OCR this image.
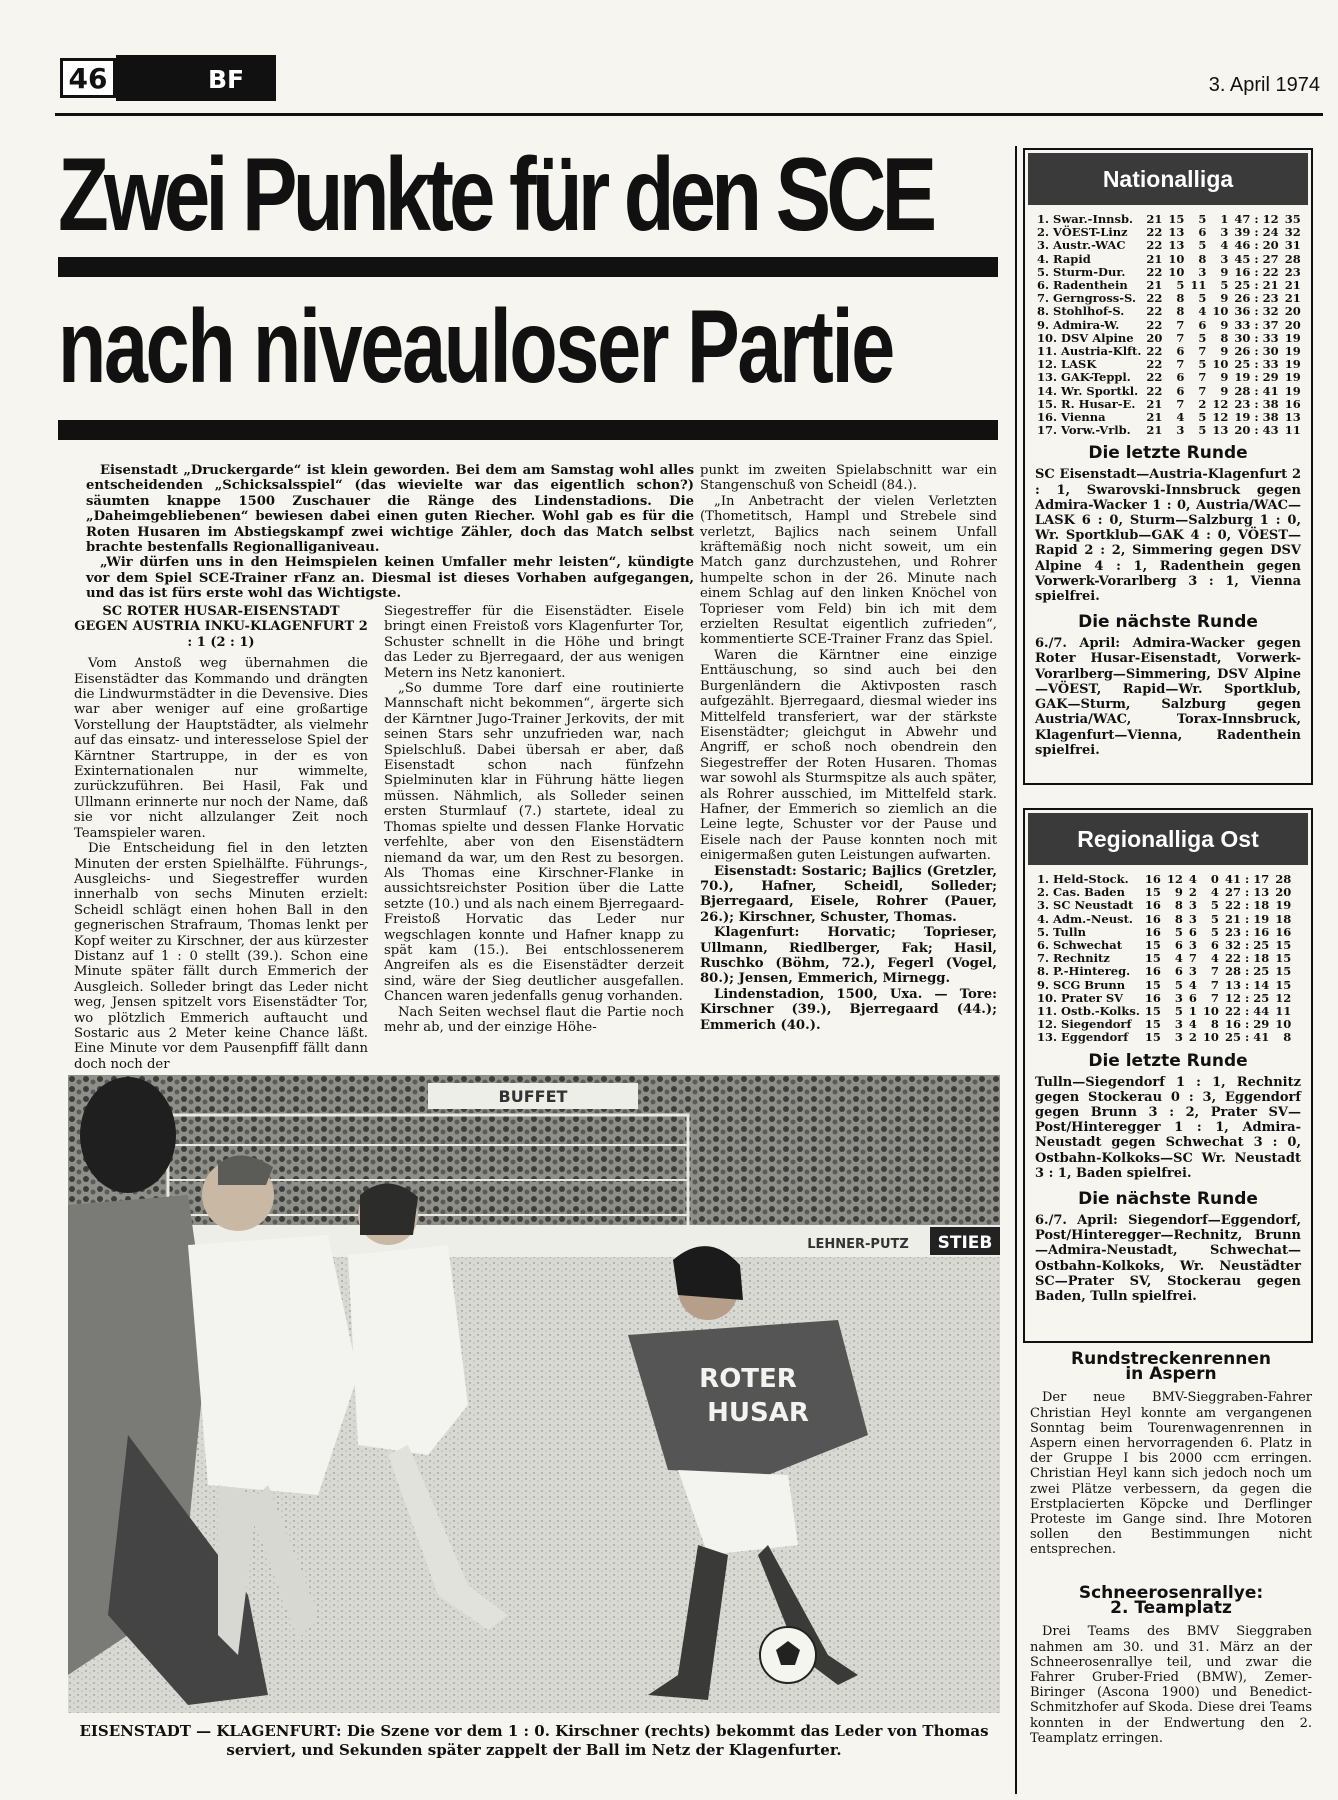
46	BF	3. April 1974
Zwei Punkte für den SCE
nach niveauloser Partie

Eisenstadt „Druckergarde“ ist klein geworden. Bei dem am Samstag wohl alles entscheidenden „Schicksalsspiel“ (das wievielte war das eigentlich schon?) säumten knappe 1500 Zuschauer die Ränge des Lindenstadions. Die „Daheimgebliebenen“ bewiesen dabei einen guten Riecher. Wohl gab es für die Roten Husaren im Abstiegskampf zwei wichtige Zähler, doch das Match selbst brachte bestenfalls Regionalliganiveau.

„Wir dürfen uns in den Heimspielen keinen Umfaller mehr leisten“, kündigte vor dem Spiel SCE-Trainer rFanz an. Diesmal ist dieses Vorhaben aufgegangen, und das ist fürs erste wohl das Wichtigste.

SC ROTER HUSAR-EISENSTADT GEGEN AUSTRIA INKU-KLAGENFURT 2 : 1 (2 : 1)

Vom Anstoß weg übernahmen die Eisenstädter das Kommando und drängten die Lindwurmstädter in die Devensive. Dies war aber weniger auf eine großartige Vorstellung der Hauptstädter, als vielmehr auf das einsatz- und interesselose Spiel der Kärntner Startruppe, in der es von Exinternationalen nur wimmelte, zurückzuführen. Bei Hasil, Fak und Ullmann erinnerte nur noch der Name, daß sie vor nicht allzulanger Zeit noch Teamspieler waren.

Die Entscheidung fiel in den letzten Minuten der ersten Spielhälfte. Führungs-, Ausgleichs- und Siegestreffer wurden innerhalb von sechs Minuten erzielt: Scheidl schlägt einen hohen Ball in den gegnerischen Strafraum, Thomas lenkt per Kopf weiter zu Kirschner, der aus kürzester Distanz auf 1 : 0 stellt (39.). Schon eine Minute später fällt durch Emmerich der Ausgleich. Solleder bringt das Leder nicht weg, Jensen spitzelt vors Eisenstädter Tor, wo plötzlich Emmerich auftaucht und Sostaric aus 2 Meter keine Chance läßt. Eine Minute vor dem Pausenpfiff fällt dann doch noch der

Siegestreffer für die Eisenstädter. Eisele bringt einen Freistoß vors Klagenfurter Tor, Schuster schnellt in die Höhe und bringt das Leder zu Bjerregaard, der aus wenigen Metern ins Netz kanoniert.

„So dumme Tore darf eine routinierte Mannschaft nicht bekommen“, ärgerte sich der Kärntner Jugo-Trainer Jerkovits, der mit seinen Stars sehr unzufrieden war, nach Spielschluß. Dabei übersah er aber, daß Eisenstadt schon nach fünfzehn Spielminuten klar in Führung hätte liegen müssen. Nähmlich, als Solleder seinen ersten Sturmlauf (7.) startete, ideal zu Thomas spielte und dessen Flanke Horvatic verfehlte, aber von den Eisenstädtern niemand da war, um den Rest zu besorgen. Als Thomas eine Kirschner-Flanke in aussichtsreichster Position über die Latte setzte (10.) und als nach einem Bjerregaard-Freistoß Horvatic das Leder nur wegschlagen konnte und Hafner knapp zu spät kam (15.). Bei entschlossenerem Angreifen als es die Eisenstädter derzeit sind, wäre der Sieg deutlicher ausgefallen. Chancen waren jedenfalls genug vorhanden.

Nach Seiten wechsel flaut die Partie noch mehr ab, und der einzige Höhe-

punkt im zweiten Spielabschnitt war ein Stangenschuß von Scheidl (84.).

„In Anbetracht der vielen Verletzten (Thometitsch, Hampl und Strebele sind verletzt, Bajlics nach seinem Unfall kräftemäßig noch nicht soweit, um ein Match ganz durchzustehen, und Rohrer humpelte schon in der 26. Minute nach einem Schlag auf den linken Knöchel von Toprieser vom Feld) bin ich mit dem erzielten Resultat eigentlich zufrieden“, kommentierte SCE-Trainer Franz das Spiel.

Waren die Kärntner eine einzige Enttäuschung, so sind auch bei den Burgenländern die Aktivposten rasch aufgezählt. Bjerregaard, diesmal wieder ins Mittelfeld transferiert, war der stärkste Eisenstädter; gleichgut in Abwehr und Angriff, er schoß noch obendrein den Siegestreffer der Roten Husaren. Thomas war sowohl als Sturmspitze als auch später, als Rohrer ausschied, im Mittelfeld stark. Hafner, der Emmerich so ziemlich an die Leine legte, Schuster vor der Pause und Eisele nach der Pause konnten noch mit einigermaßen guten Leistungen aufwarten.

Eisenstadt: Sostaric; Bajlics (Gretzler, 70.), Hafner, Scheidl, Solleder; Bjerregaard, Eisele, Rohrer (Pauer, 26.); Kirschner, Schuster, Thomas.

Klagenfurt: Horvatic; Toprieser, Ullmann, Riedlberger, Fak; Hasil, Ruschko (Böhm, 72.), Fegerl (Vogel, 80.); Jensen, Emmerich, Mirnegg.

Lindenstadion, 1500, Uxa. — Tore: Kirschner (39.), Bjerregaard (44.); Emmerich (40.).

BUFFET
LEHNER-PUTZ STIEB
ROTER
HUSAR
EISENSTADT — KLAGENFURT: Die Szene vor dem 1 : 0. Kirschner (rechts) bekommt das Leder von Thomas serviert, und Sekunden später zappelt der Ball im Netz der Klagenfurter.
Nationalliga
1. Swar.-Innsb.	21	15	5	1	47 : 12	35
2. VÖEST-Linz	22	13	6	3	39 : 24	32
3. Austr.-WAC	22	13	5	4	46 : 20	31
4. Rapid	21	10	8	3	45 : 27	28
5. Sturm-Dur.	22	10	3	9	16 : 22	23
6. Radenthein	21	5	11	5	25 : 21	21
7. Gerngross-S.	22	8	5	9	26 : 23	21
8. Stohlhof-S.	22	8	4	10	36 : 32	20
9. Admira-W.	22	7	6	9	33 : 37	20
10. DSV Alpine	20	7	5	8	30 : 33	19
11. Austria-Klft.	22	6	7	9	26 : 30	19
12. LASK	22	7	5	10	25 : 33	19
13. GAK-Teppl.	22	6	7	9	19 : 29	19
14. Wr. Sportkl.	22	6	7	9	28 : 41	19
15. R. Husar-E.	21	7	2	12	23 : 38	16
16. Vienna	21	4	5	12	19 : 38	13
17. Vorw.-Vrlb.	21	3	5	13	20 : 43	11
Die letzte Runde
SC Eisenstadt—Austria-Klagenfurt 2 : 1, Swarovski-Innsbruck gegen Admira-Wacker 1 : 0, Austria/WAC—LASK 6 : 0, Sturm—Salzburg 1 : 0, Wr. Sportklub—GAK 4 : 0, VÖEST—Rapid 2 : 2, Simmering gegen DSV Alpine 4 : 1, Radenthein gegen Vorwerk-Vorarlberg 3 : 1, Vienna spielfrei.
Die nächste Runde
6./7. April: Admira-Wacker gegen Roter Husar-Eisenstadt, Vorwerk-Vorarlberg—Simmering, DSV Alpine—VÖEST, Rapid—Wr. Sportklub, GAK—Sturm, Salzburg gegen Austria/WAC, Torax-Innsbruck, Klagenfurt—Vienna, Radenthein spielfrei.
Regionalliga Ost
1. Held-Stock.	16	12	4	0	41 : 17	28
2. Cas. Baden	15	9	2	4	27 : 13	20
3. SC Neustadt	16	8	3	5	22 : 18	19
4. Adm.-Neust.	16	8	3	5	21 : 19	18
5. Tulln	16	5	6	5	23 : 16	16
6. Schwechat	15	6	3	6	32 : 25	15
7. Rechnitz	15	4	7	4	22 : 18	15
8. P.-Hintereg.	16	6	3	7	28 : 25	15
9. SCG Brunn	15	5	4	7	13 : 14	15
10. Prater SV	16	3	6	7	12 : 25	12
11. Ostb.-Kolks.	15	5	1	10	22 : 44	11
12. Siegendorf	15	3	4	8	16 : 29	10
13. Eggendorf	15	3	2	10	25 : 41	8
Die letzte Runde
Tulln—Siegendorf 1 : 1, Rechnitz gegen Stockerau 0 : 3, Eggendorf gegen Brunn 3 : 2, Prater SV—Post/Hinteregger 1 : 1, Admira-Neustadt gegen Schwechat 3 : 0, Ostbahn-Kolkoks—SC Wr. Neustadt 3 : 1, Baden spielfrei.
Die nächste Runde
6./7. April: Siegendorf—Eggendorf, Post/Hinteregger—Rechnitz, Brunn—Admira-Neustadt, Schwechat—Ostbahn-Kolkoks, Wr. Neustädter SC—Prater SV, Stockerau gegen Baden, Tulln spielfrei.
Rundstreckenrennen in Aspern

Der neue BMV-Sieggraben-Fahrer Christian Heyl konnte am vergangenen Sonntag beim Tourenwagenrennen in Aspern einen hervorragenden 6. Platz in der Gruppe I bis 2000 ccm erringen. Christian Heyl kann sich jedoch noch um zwei Plätze verbessern, da gegen die Erstplacierten Köpcke und Derflinger Proteste im Gange sind. Ihre Motoren sollen den Bestimmungen nicht entsprechen.

Schneerosenrallye: 2. Teamplatz

Drei Teams des BMV Sieggraben nahmen am 30. und 31. März an der Schneerosenrallye teil, und zwar die Fahrer Gruber-Fried (BMW), Zemer-Biringer (Ascona 1900) und Benedict-Schmitzhofer auf Skoda. Diese drei Teams konnten in der Endwertung den 2. Teamplatz erringen.
